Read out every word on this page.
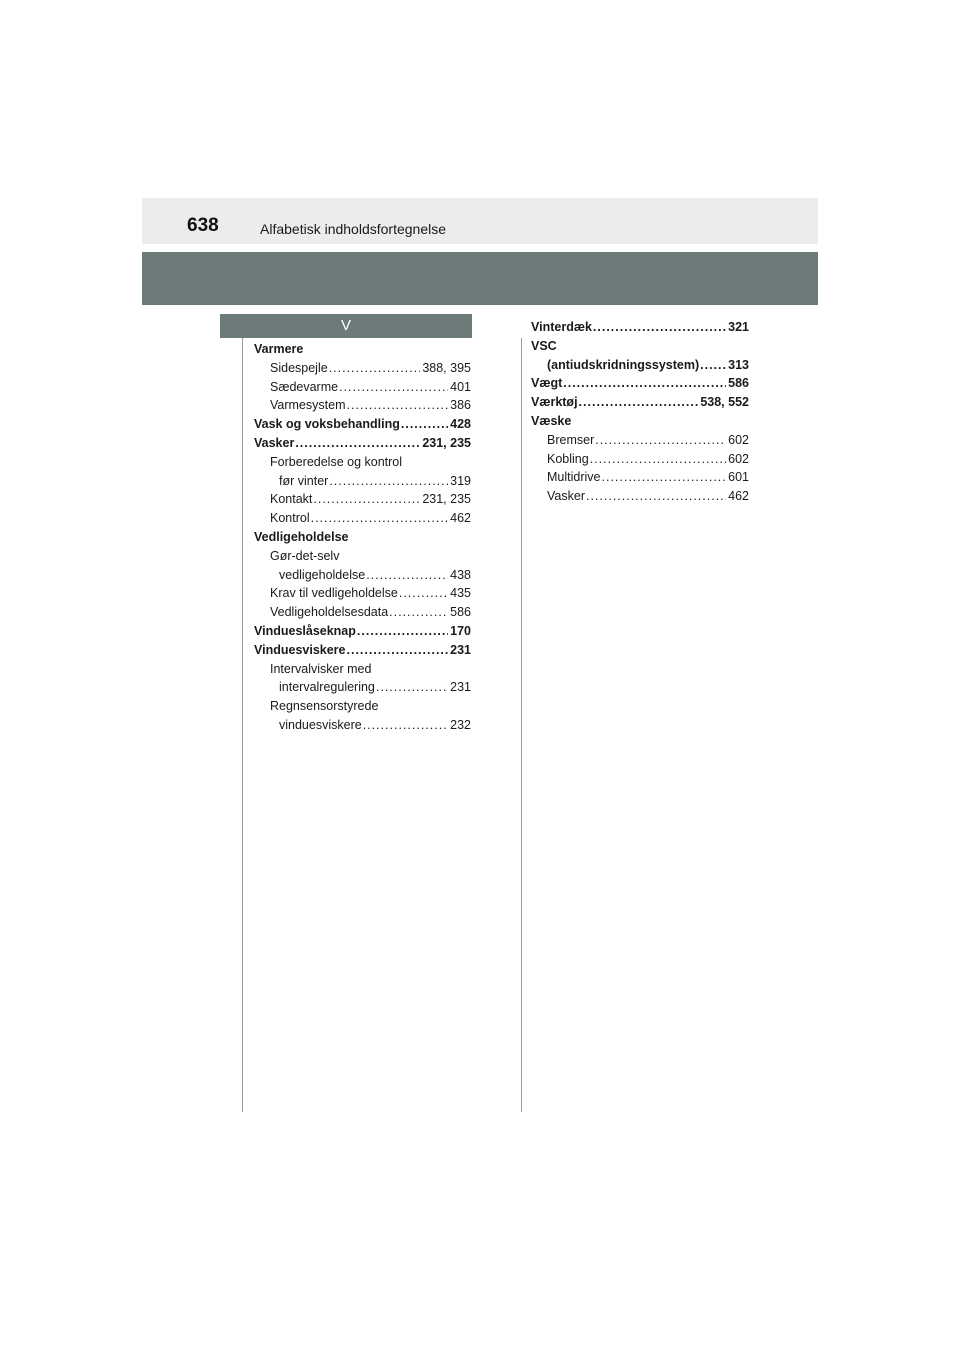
638	Alfabetisk indholdsfortegnelse
V
Varmere
Sidespejle .....	388, 395
Sædevarme .....	401
Varmesystem .....	386
Vask og voksbehandling .....	428
Vasker .....	231, 235
Forberedelse og kontrol
før vinter .....	319
Kontakt .....	231, 235
Kontrol .....	462
Vedligeholdelse
Gør-det-selv
vedligeholdelse .....	438
Krav til vedligeholdelse .....	435
Vedligeholdelsesdata .....	586
Vindueslåseknap .....	170
Vinduesviskere .....	231
Intervalvisker med
intervalregulering .....	231
Regnsensorstyrede
vinduesviskere .....	232
Vinterdæk .....	321
VSC
(antiudskridningssystem) ..... 313
Vægt .....	586
Værktøj .....	538, 552
Væske
Bremser .....	602
Kobling .....	602
Multidrive .....	601
Vasker .....	462
